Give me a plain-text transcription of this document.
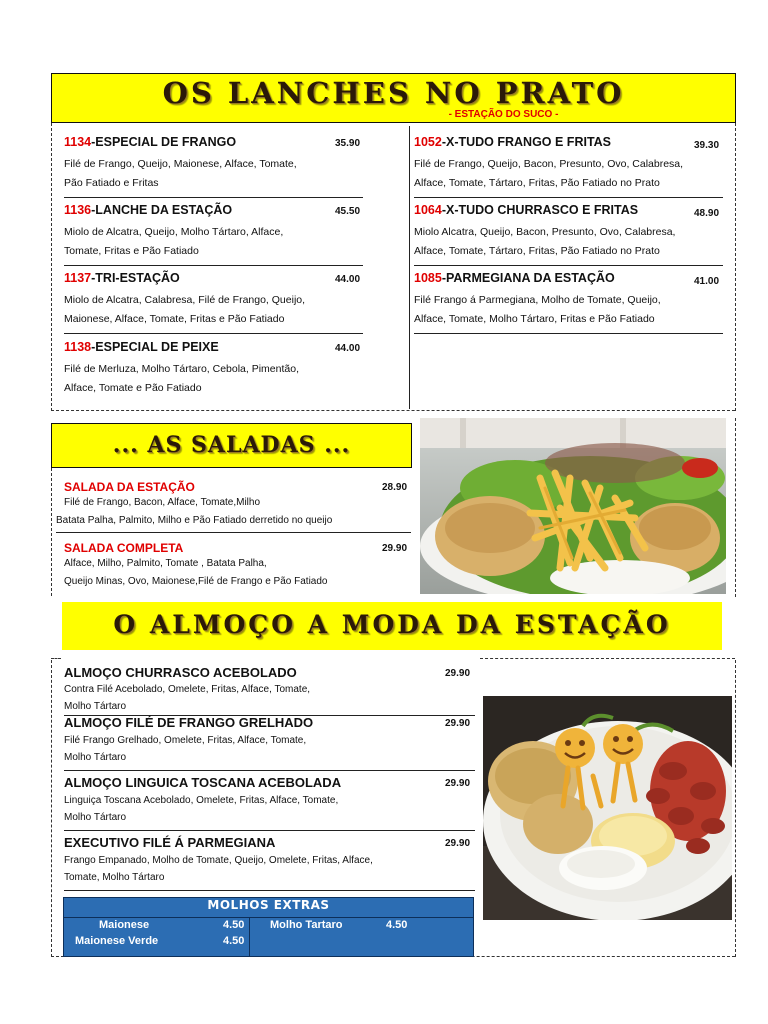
OS LANCHES NO PRATO
- ESTAÇÃO DO SUCO -
1134-ESPECIAL DE FRANGO	35.90
Filé de Frango, Queijo, Maionese, Alface, Tomate,
Pão Fatiado e Fritas
1136-LANCHE DA ESTAÇÃO	45.50
Miolo de Alcatra, Queijo, Molho Tártaro, Alface,
Tomate, Fritas e Pão Fatiado
1137-TRI-ESTAÇÃO	44.00
Miolo de Alcatra, Calabresa, Filé de Frango, Queijo,
Maionese, Alface, Tomate, Fritas e Pão Fatiado
1138-ESPECIAL DE PEIXE	44.00
Filé de Merluza, Molho Tártaro, Cebola, Pimentão,
Alface, Tomate e Pão Fatiado
1052-X-TUDO FRANGO E FRITAS	39.30
Filé de Frango, Queijo, Bacon, Presunto, Ovo, Calabresa,
Alface, Tomate, Tártaro, Fritas, Pão Fatiado no Prato
1064-X-TUDO CHURRASCO E FRITAS	48.90
Miolo Alcatra, Queijo, Bacon, Presunto, Ovo, Calabresa,
Alface, Tomate, Tártaro, Fritas, Pão Fatiado no Prato
1085-PARMEGIANA DA ESTAÇÃO	41.00
Filé Frango á Parmegiana, Molho de Tomate, Queijo,
Alface, Tomate, Molho Tártaro, Fritas e Pão Fatiado
... AS SALADAS ...
SALADA DA ESTAÇÃO	28.90
Filé de Frango, Bacon, Alface, Tomate,Milho
Batata Palha, Palmito, Milho e Pão Fatiado derretido no queijo
SALADA COMPLETA	29.90
Alface, Milho, Palmito, Tomate , Batata Palha,
Queijo Minas, Ovo, Maionese,Filé de Frango e Pão Fatiado
O ALMOÇO A MODA DA ESTAÇÃO
ALMOÇO CHURRASCO ACEBOLADO	29.90
Contra Filé Acebolado, Omelete, Fritas, Alface, Tomate,
Molho Tártaro
ALMOÇO FILÉ DE FRANGO GRELHADO	29.90
Filé Frango Grelhado, Omelete, Fritas, Alface, Tomate,
Molho Tártaro
ALMOÇO LINGUICA TOSCANA ACEBOLADA	29.90
Linguiça Toscana Acebolado, Omelete, Fritas, Alface, Tomate,
Molho Tártaro
EXECUTIVO FILÉ Á PARMEGIANA	29.90
Frango Empanado, Molho de Tomate, Queijo, Omelete, Fritas, Alface,
Tomate, Molho Tártaro
MOLHOS EXTRAS
Maionese	4.50
Maionese Verde	4.50
Molho Tartaro	4.50
